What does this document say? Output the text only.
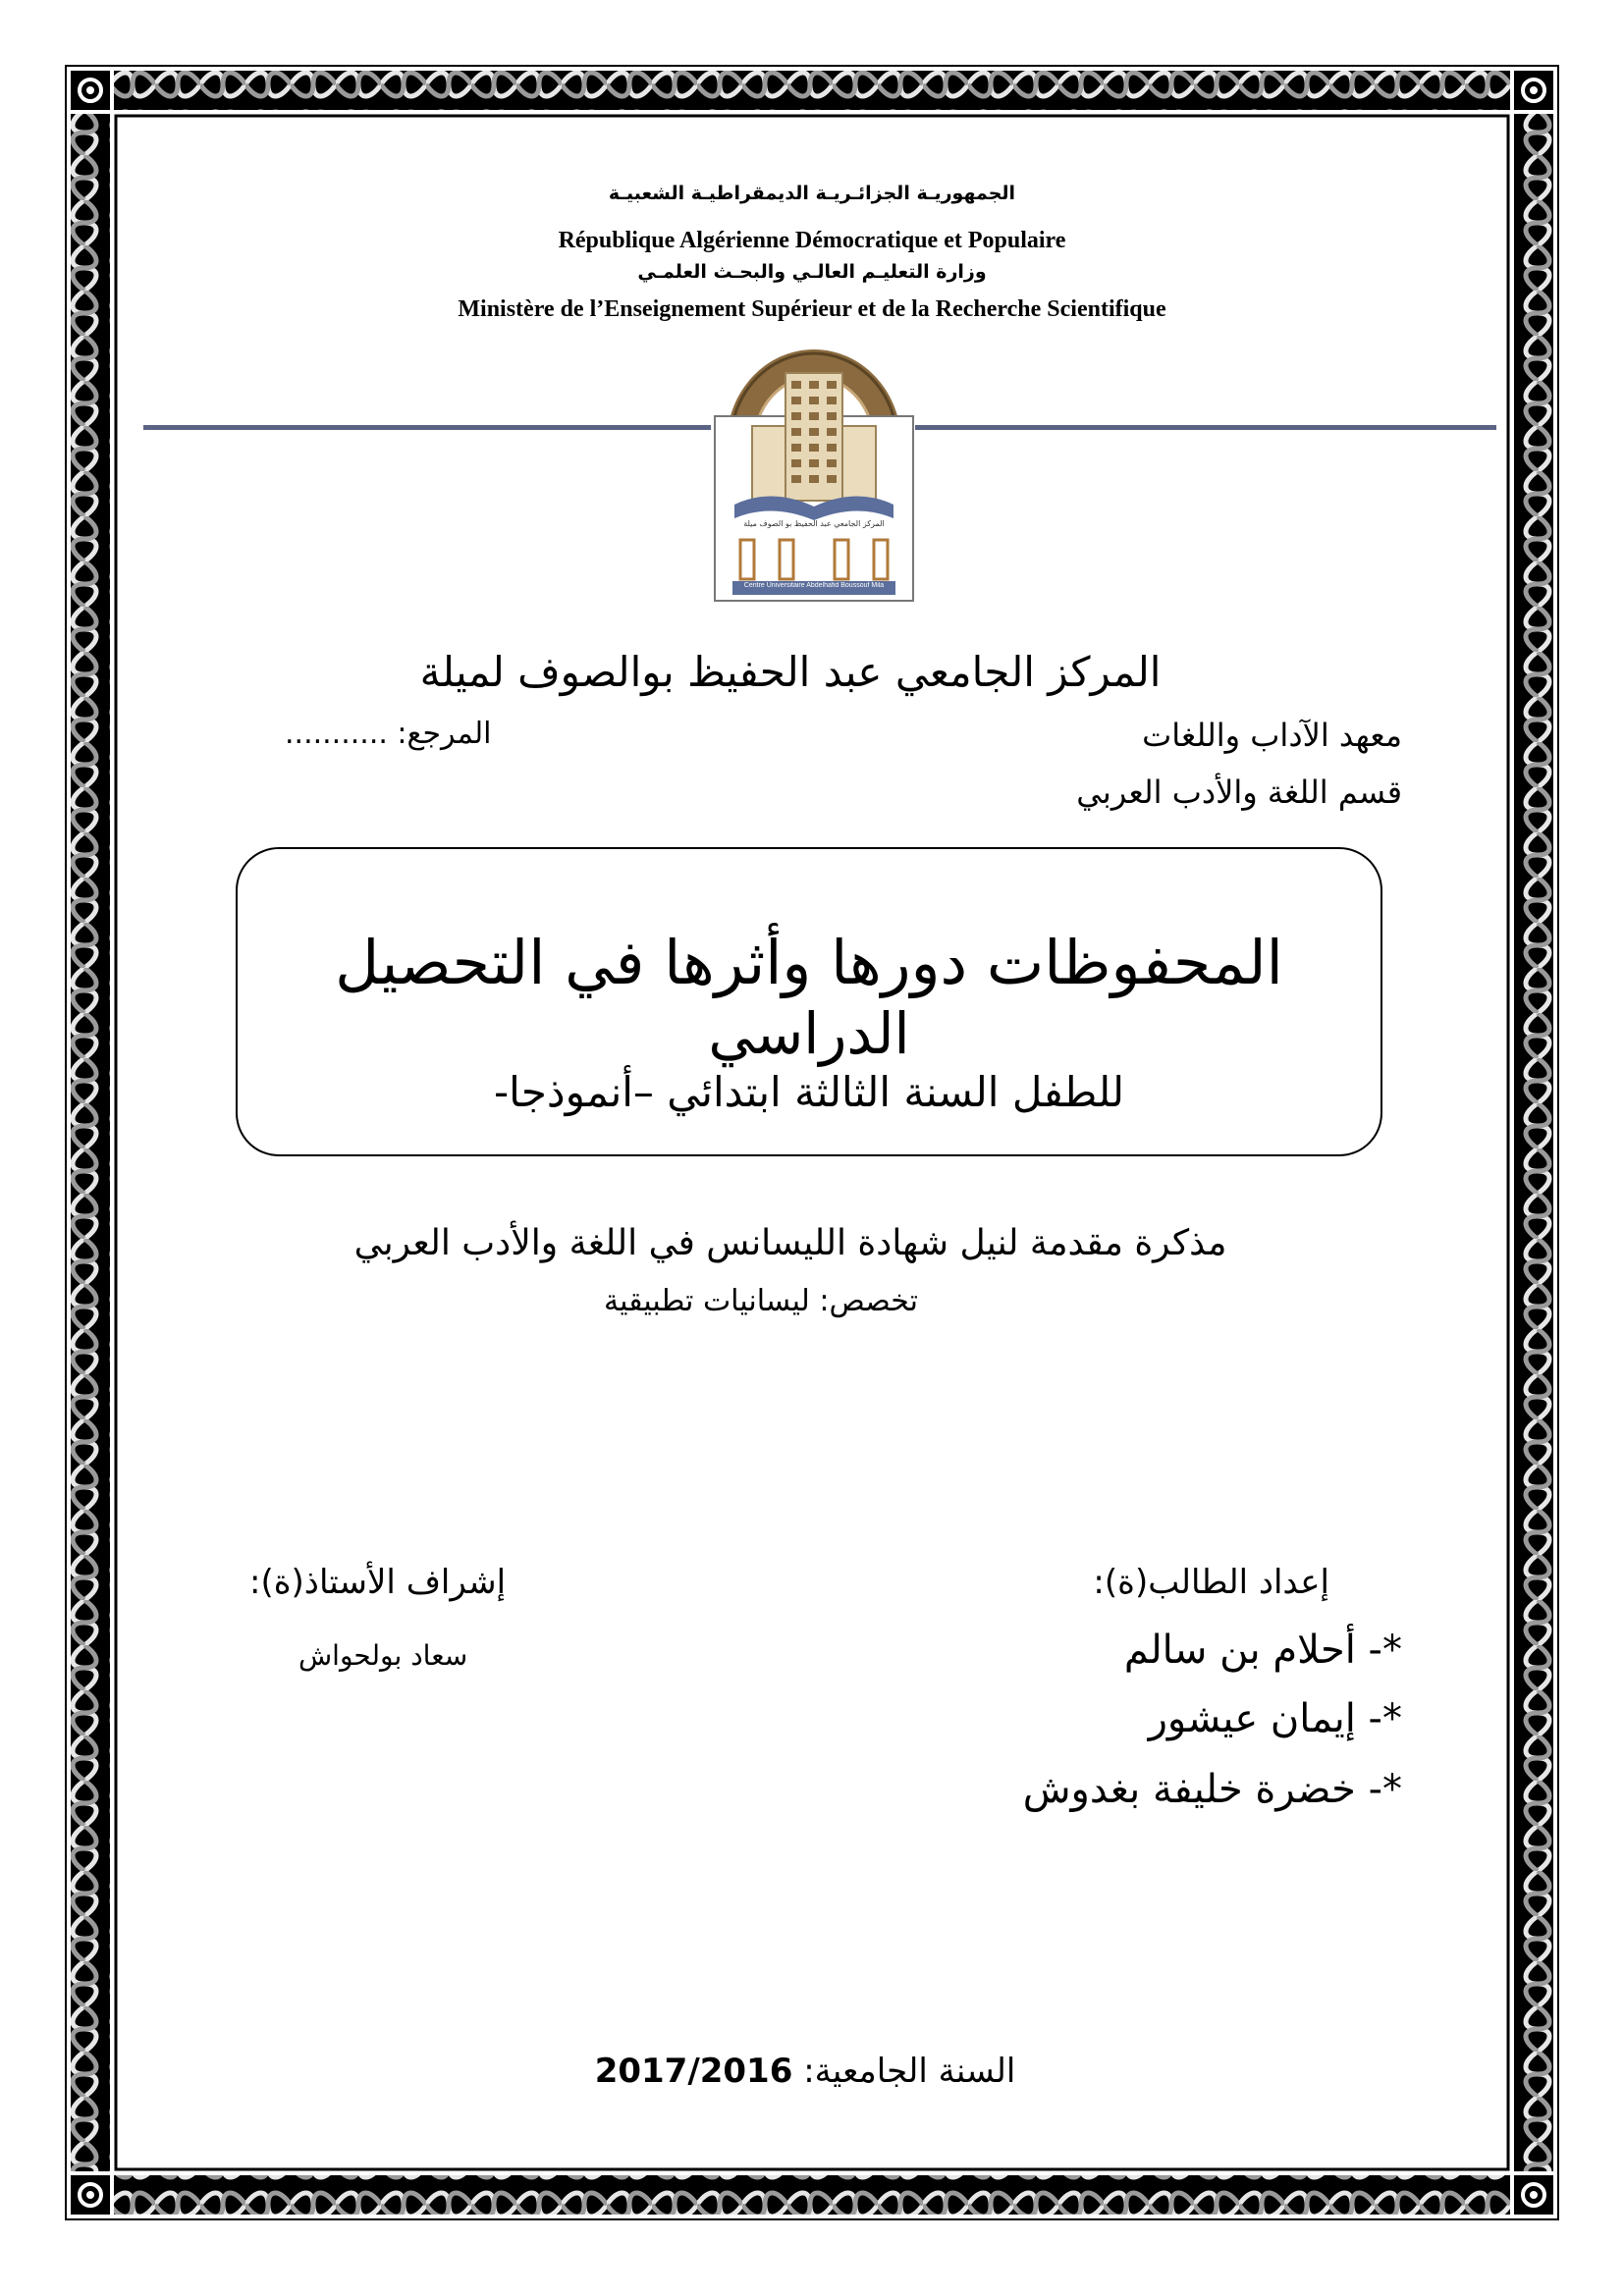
الجمهوريـة الجزائـريـة الديمقراطيـة الشعبيـة
République Algérienne Démocratique et Populaire
وزارة التعليـم العالـي والبحـث العلمـي
Ministère de l’Enseignement Supérieur et de la Recherche Scientifique
المركز الجامعي عبد الحفيظ بو الصوف ميلة
Centre Universitaire Abdelhafid Boussouf Mila
المركز الجامعي عبد الحفيظ بوالصوف لميلة
معهد الآداب واللغات
المرجع: ...........
قسم اللغة والأدب العربي
المحفوظات دورها وأثرها في التحصيل
الدراسي
للطفل السنة الثالثة ابتدائي –أنموذجا-
مذكرة مقدمة لنيل شهادة الليسانس في اللغة والأدب العربي
تخصص: ليسانيات تطبيقية
إعداد الطالب(ة):
*- أحلام بن سالم
*- إيمان عيشور
*- خضرة خليفة بغدوش
إشراف الأستاذ(ة):
سعاد بولحواش
السنة الجامعية: 2017/2016
